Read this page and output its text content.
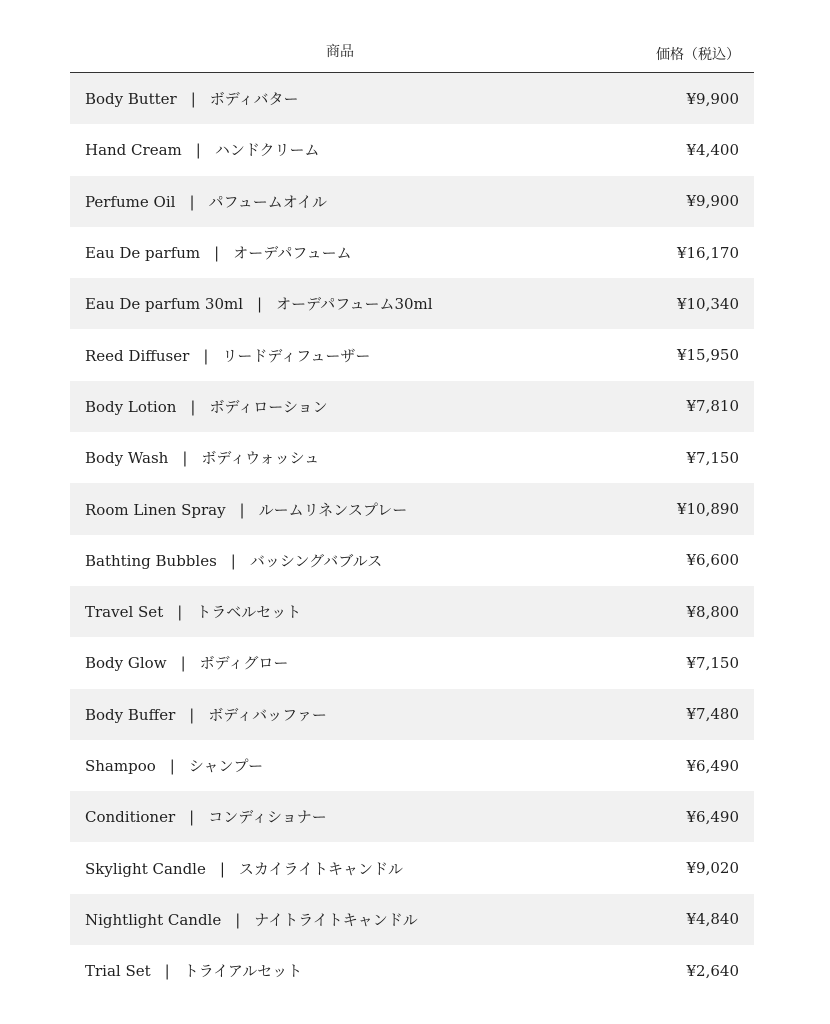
商品	価格（税込）
Body Butter | ボディバター	¥9,900
Hand Cream | ハンドクリーム	¥4,400
Perfume Oil | パフュームオイル	¥9,900
Eau De parfum | オーデパフューム	¥16,170
Eau De parfum 30ml | オーデパフューム30ml	¥10,340
Reed Diffuser | リードディフューザー	¥15,950
Body Lotion | ボディローション	¥7,810
Body Wash | ボディウォッシュ	¥7,150
Room Linen Spray | ルームリネンスプレー	¥10,890
Bathting Bubbles | バッシングバブルス	¥6,600
Travel Set | トラベルセット	¥8,800
Body Glow | ボディグロー	¥7,150
Body Buffer | ボディバッファー	¥7,480
Shampoo | シャンプー	¥6,490
Conditioner | コンディショナー	¥6,490
Skylight Candle | スカイライトキャンドル	¥9,020
Nightlight Candle | ナイトライトキャンドル	¥4,840
Trial Set | トライアルセット	¥2,640
